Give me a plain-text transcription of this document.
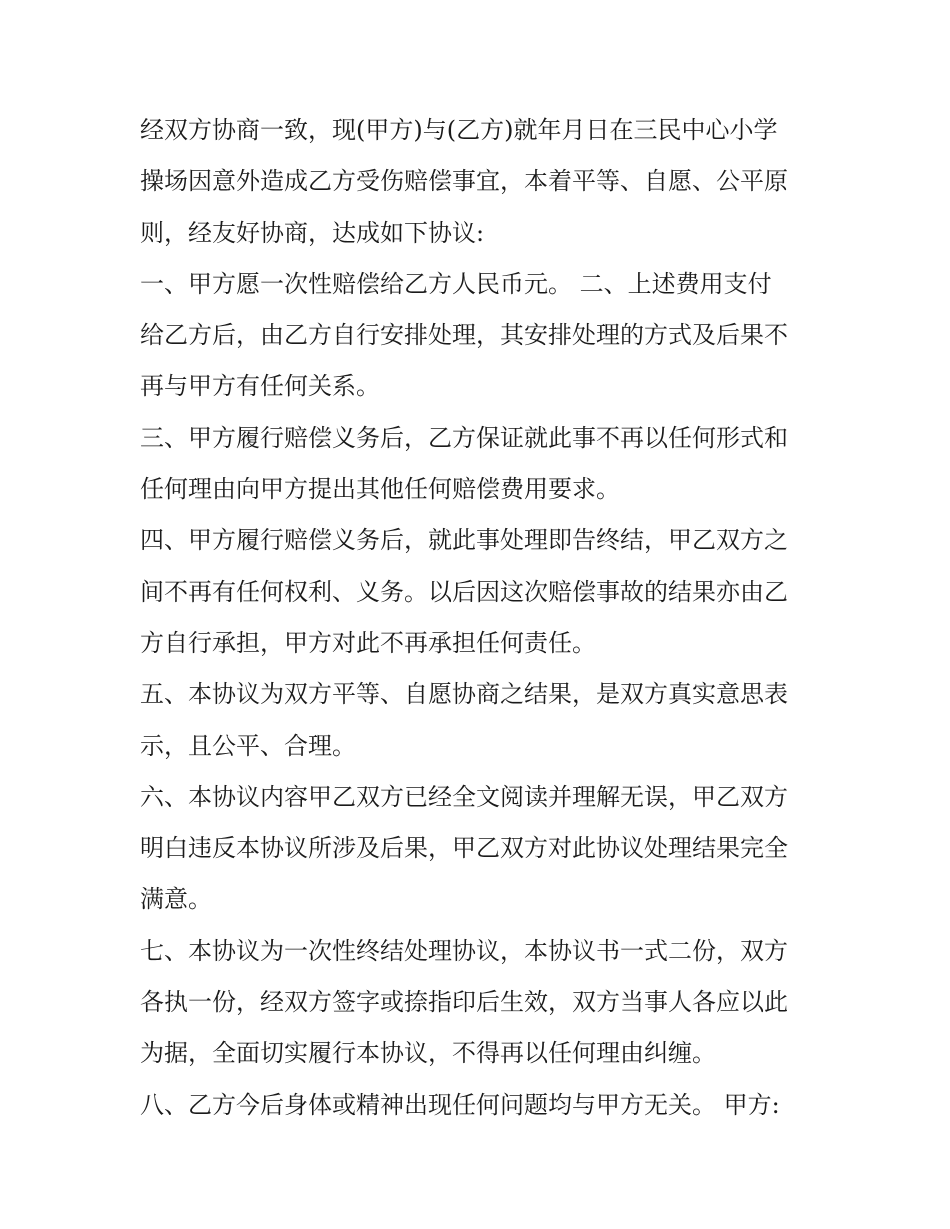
经双方协商一致，现(甲方)与(乙方)就年月日在三民中心小学
操场因意外造成乙方受伤赔偿事宜，本着平等、自愿、公平原
则，经友好协商，达成如下协议:
一、甲方愿一次性赔偿给乙方人民币元。 二、上述费用支付
给乙方后，由乙方自行安排处理，其安排处理的方式及后果不
再与甲方有任何关系。
三、甲方履行赔偿义务后，乙方保证就此事不再以任何形式和
任何理由向甲方提出其他任何赔偿费用要求。
四、甲方履行赔偿义务后，就此事处理即告终结，甲乙双方之
间不再有任何权利、义务。以后因这次赔偿事故的结果亦由乙
方自行承担，甲方对此不再承担任何责任。
五、本协议为双方平等、自愿协商之结果，是双方真实意思表
示，且公平、合理。
六、本协议内容甲乙双方已经全文阅读并理解无误，甲乙双方
明白违反本协议所涉及后果，甲乙双方对此协议处理结果完全
满意。
七、本协议为一次性终结处理协议，本协议书一式二份，双方
各执一份，经双方签字或捺指印后生效，双方当事人各应以此
为据，全面切实履行本协议，不得再以任何理由纠缠。
八、乙方今后身体或精神出现任何问题均与甲方无关。 甲方:
